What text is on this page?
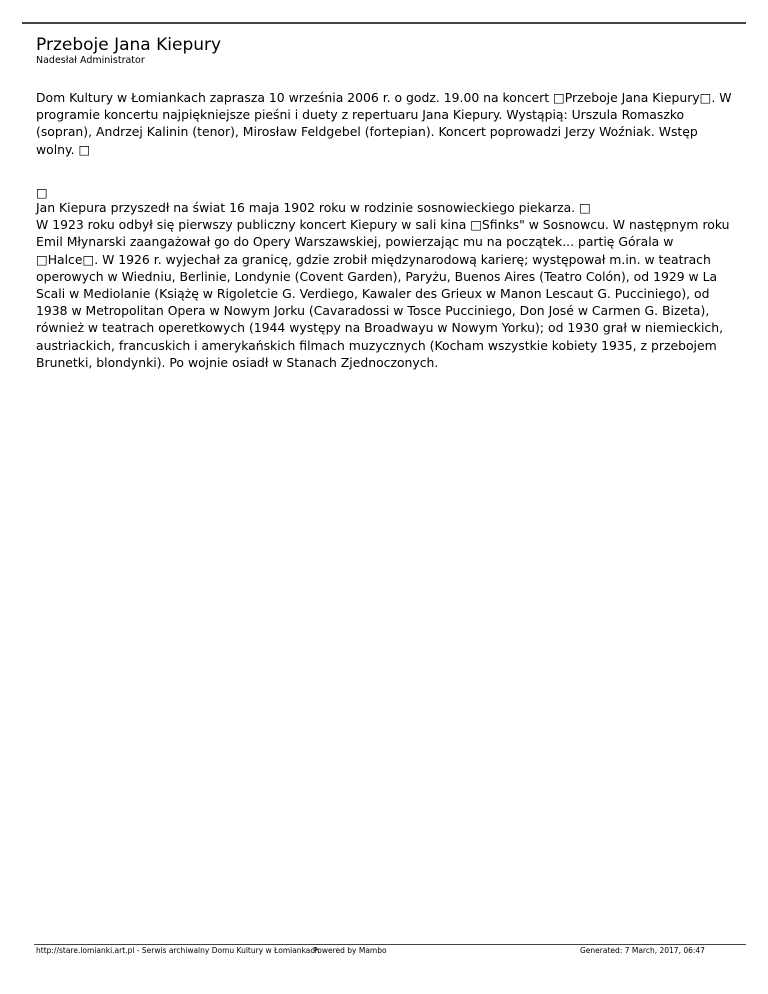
Przeboje Jana Kiepury
Nadesłał Administrator

Dom Kultury w Łomiankach zaprasza 10 września 2006 r. o godz. 19.00 na koncert □Przeboje Jana Kiepury□. W programie koncertu najpiękniejsze pieśni i duety z repertuaru Jana Kiepury. Wystąpią: Urszula Romaszko (sopran), Andrzej Kalinin (tenor), Mirosław Feldgebel (fortepian). Koncert poprowadzi Jerzy Woźniak. Wstęp wolny. □

□
Jan Kiepura przyszedł na świat 16 maja 1902 roku w rodzinie sosnowieckiego piekarza. □
W 1923 roku odbył się pierwszy publiczny koncert Kiepury w sali kina □Sfinks" w Sosnowcu. W następnym roku Emil Młynarski zaangażował go do Opery Warszawskiej, powierzając mu na początek... partię Górala w □Halce□. W 1926 r. wyjechał za granicę, gdzie zrobił międzynarodową karierę; występował m.in. w teatrach operowych w Wiedniu, Berlinie, Londynie (Covent Garden), Paryżu, Buenos Aires (Teatro Colón), od 1929 w La Scali w Mediolanie (Książę w Rigoletcie G. Verdiego, Kawaler des Grieux w Manon Lescaut G. Pucciniego), od 1938 w Metropolitan Opera w Nowym Jorku (Cavaradossi w Tosce Pucciniego, Don José w Carmen G. Bizeta), również w teatrach operetkowych (1944 występy na Broadwayu w Nowym Yorku); od 1930 grał w niemieckich, austriackich, francuskich i amerykańskich filmach muzycznych (Kocham wszystkie kobiety 1935, z przebojem Brunetki, blondynki). Po wojnie osiadł w Stanach Zjednoczonych.
http://stare.lomianki.art.pl - Serwis archiwalny Domu Kultury w Łomiankach
Powered by Mambo	Generated: 7 March, 2017, 06:47
